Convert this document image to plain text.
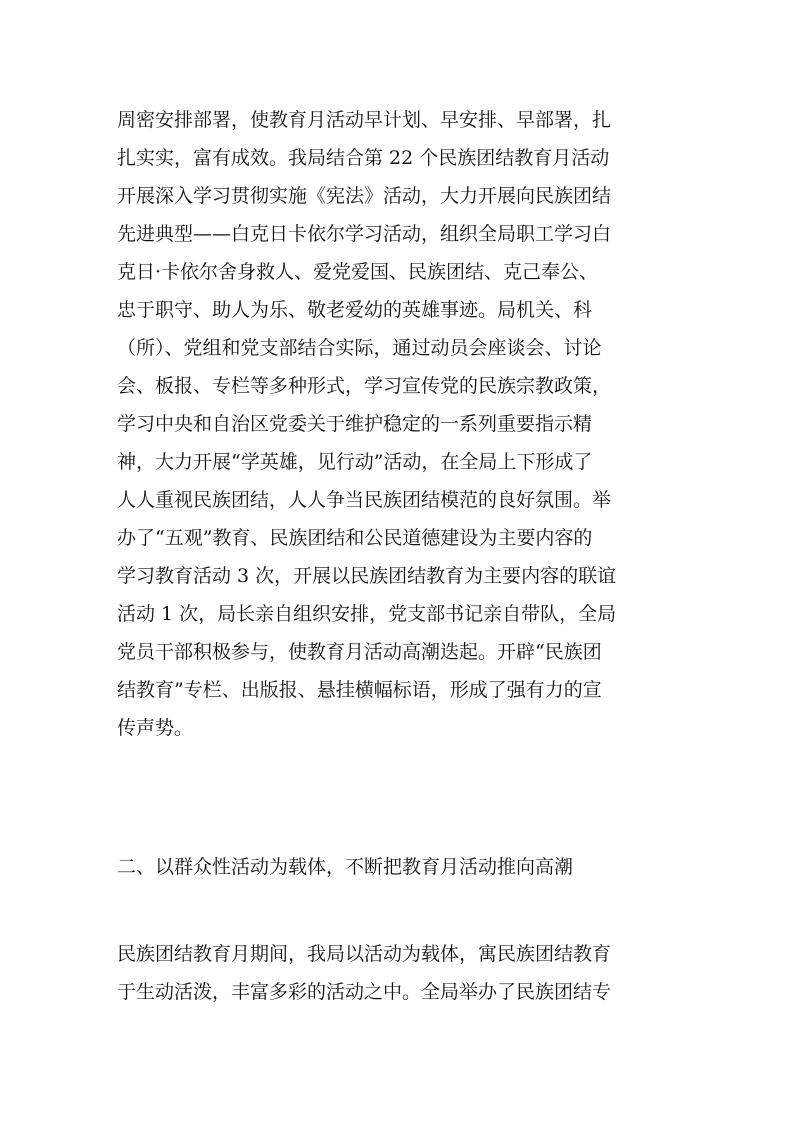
周密安排部署，使教育月活动早计划、早安排、早部署，扎
扎实实，富有成效。我局结合第 22 个民族团结教育月活动
开展深入学习贯彻实施《宪法》活动，大力开展向民族团结
先进典型——白克日卡依尔学习活动，组织全局职工学习白
克日·卡依尔舍身救人、爱党爱国、民族团结、克己奉公、
忠于职守、助人为乐、敬老爱幼的英雄事迹。局机关、科
（所）、党组和党支部结合实际，通过动员会座谈会、讨论
会、板报、专栏等多种形式，学习宣传党的民族宗教政策，
学习中央和自治区党委关于维护稳定的一系列重要指示精
神，大力开展“学英雄，见行动”活动，在全局上下形成了
人人重视民族团结，人人争当民族团结模范的良好氛围。举
办了“五观”教育、民族团结和公民道德建设为主要内容的
学习教育活动 3 次，开展以民族团结教育为主要内容的联谊
活动 1 次，局长亲自组织安排，党支部书记亲自带队，全局
党员干部积极参与，使教育月活动高潮迭起。开辟“民族团
结教育”专栏、出版报、悬挂横幅标语，形成了强有力的宣
传声势。
二、以群众性活动为载体，不断把教育月活动推向高潮
民族团结教育月期间，我局以活动为载体，寓民族团结教育
于生动活泼，丰富多彩的活动之中。全局举办了民族团结专
